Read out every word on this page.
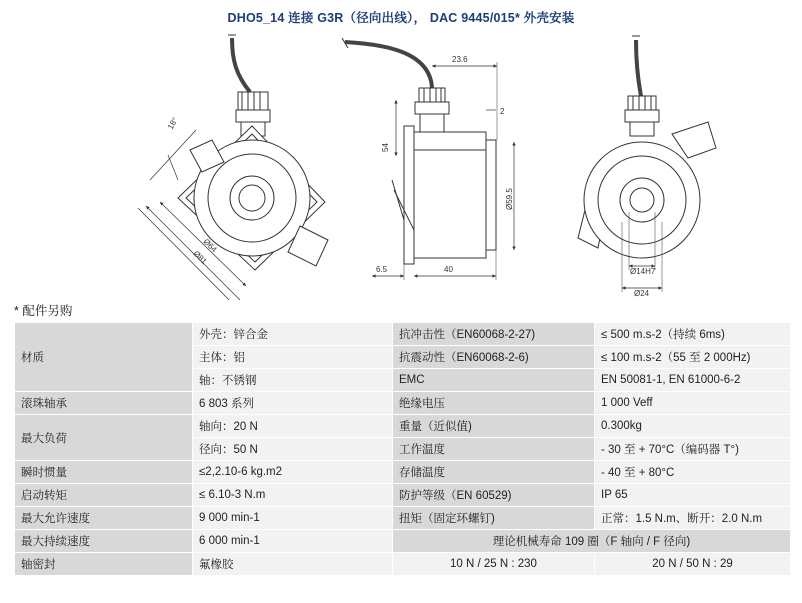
DHO5_14 连接 G3R（径向出线）， DAC 9445/015* 外壳安装
18°
Ø64
Ø81
23.6
2
54
Ø59.5
6.5	40	Ø14H7
Ø24
* 配件另购
材质	外壳：锌合金	抗冲击性（EN60068-2-27)	≤ 500 m.s-2（持续 6ms)
	主体：铝	抗震动性（EN60068-2-6)	≤ 100 m.s-2（55 至 2 000Hz)
	轴：不锈钢	EMC	EN 50081-1, EN 61000-6-2
滚珠轴承	6 803 系列	绝缘电压	1 000 Veff
最大负荷	轴向：20 N	重量（近似值)	0.300kg
	径向：50 N	工作温度	- 30 至 + 70°C（编码器 T°)
瞬时惯量	≤2,2.10-6 kg.m2	存储温度	- 40 至 + 80°C
启动转矩	≤ 6.10-3 N.m	防护等级（EN 60529)	IP 65
最大允许速度	9 000 min-1	扭矩（固定环螺钉)	正常：1.5 N.m、断开：2.0 N.m
最大持续速度	6 000 min-1	理论机械寿命 109 圈（F 轴向 / F 径向)	
轴密封	氟橡胶	10 N / 25 N : 230	20 N / 50 N : 29
